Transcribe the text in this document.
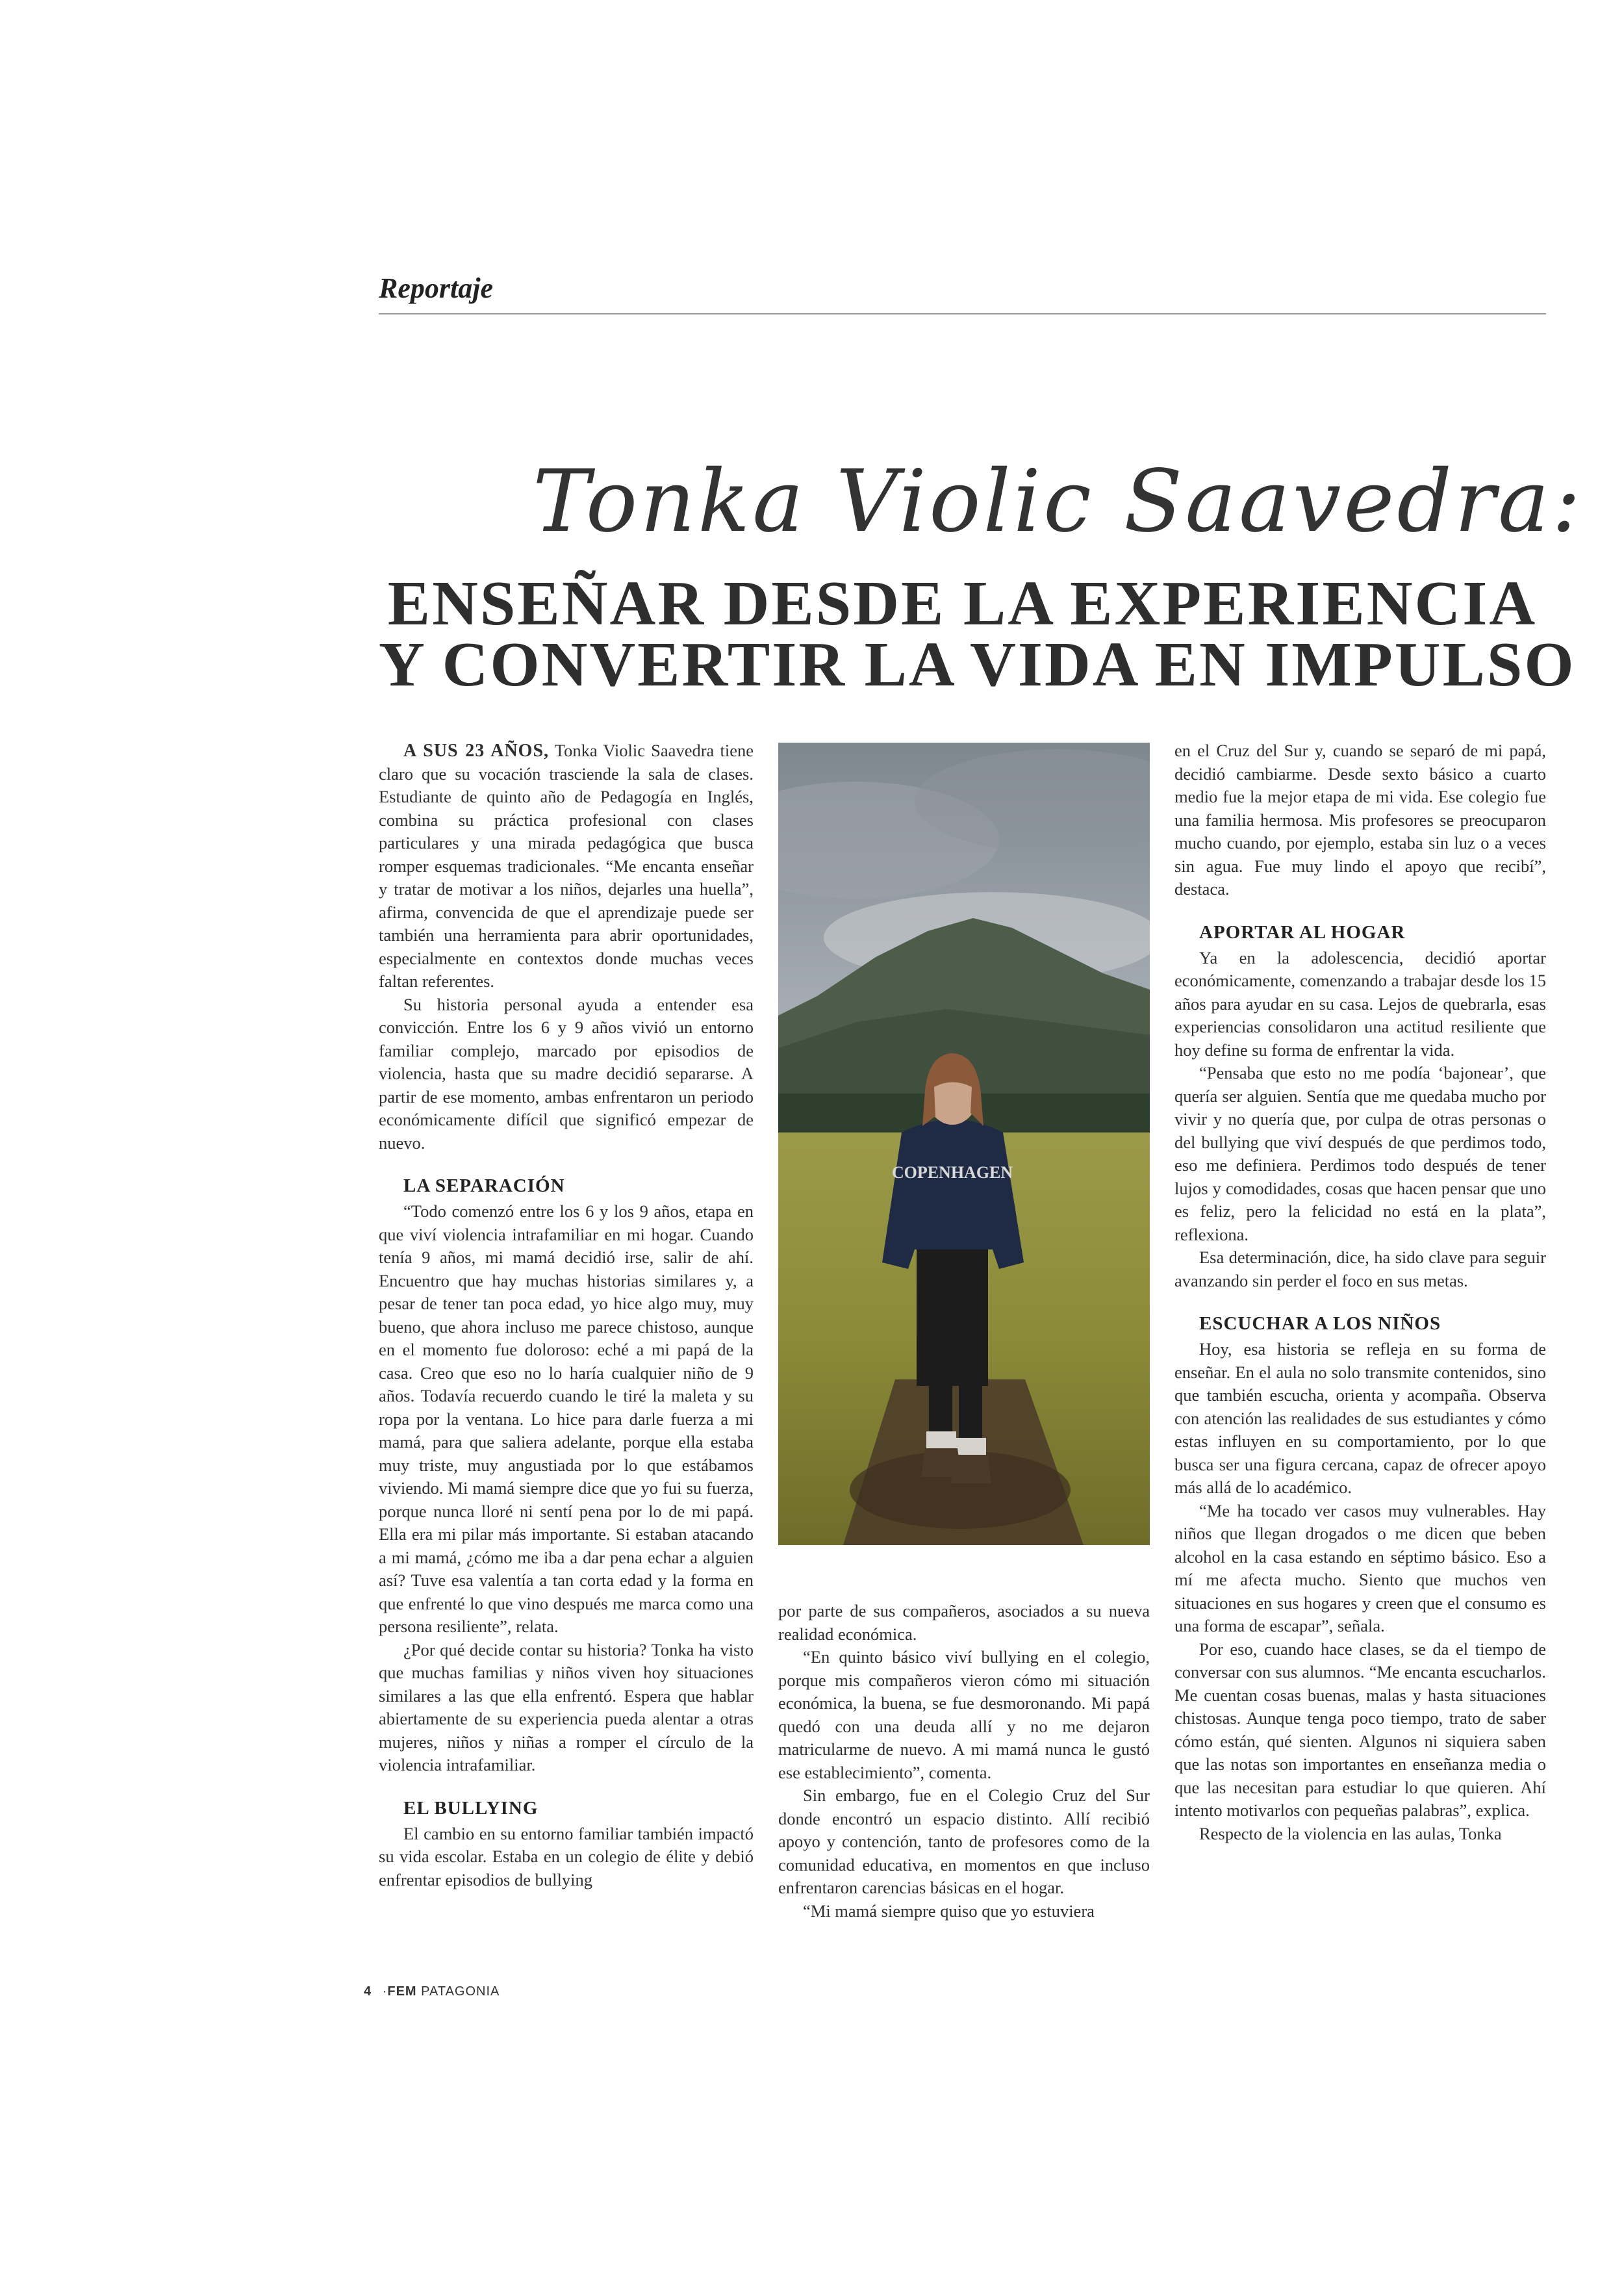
Reportaje
Tonka Violic Saavedra:
ENSEÑAR DESDE LA EXPERIENCIA
Y CONVERTIR LA VIDA EN IMPULSO

A SUS 23 AÑOS, Tonka Violic Saavedra tiene claro que su vocación trasciende la sala de clases. Estudiante de quinto año de Pedagogía en Inglés, combina su práctica profesional con clases particulares y una mirada pedagógica que busca romper esquemas tradicionales. “Me encanta enseñar y tratar de motivar a los niños, dejarles una huella”, afirma, convencida de que el aprendizaje puede ser también una herramienta para abrir oportunidades, especialmente en contextos donde muchas veces faltan referentes.

Su historia personal ayuda a entender esa convicción. Entre los 6 y 9 años vivió un entorno familiar complejo, marcado por episodios de violencia, hasta que su madre decidió separarse. A partir de ese momento, ambas enfrentaron un periodo económicamente difícil que significó empezar de nuevo.

LA SEPARACIÓN

“Todo comenzó entre los 6 y los 9 años, etapa en que viví violencia intrafamiliar en mi hogar. Cuando tenía 9 años, mi mamá decidió irse, salir de ahí. Encuentro que hay muchas historias similares y, a pesar de tener tan poca edad, yo hice algo muy, muy bueno, que ahora incluso me parece chistoso, aunque en el momento fue doloroso: eché a mi papá de la casa. Creo que eso no lo haría cualquier niño de 9 años. Todavía recuerdo cuando le tiré la maleta y su ropa por la ventana. Lo hice para darle fuerza a mi mamá, para que saliera adelante, porque ella estaba muy triste, muy angustiada por lo que estábamos viviendo. Mi mamá siempre dice que yo fui su fuerza, porque nunca lloré ni sentí pena por lo de mi papá. Ella era mi pilar más importante. Si estaban atacando a mi mamá, ¿cómo me iba a dar pena echar a alguien así? Tuve esa valentía a tan corta edad y la forma en que enfrenté lo que vino después me marca como una persona resiliente”, relata.

¿Por qué decide contar su historia? Tonka ha visto que muchas familias y niños viven hoy situaciones similares a las que ella enfrentó. Espera que hablar abiertamente de su experiencia pueda alentar a otras mujeres, niños y niñas a romper el círculo de la violencia intrafamiliar.

EL BULLYING

El cambio en su entorno familiar también impactó su vida escolar. Estaba en un colegio de élite y debió enfrentar episodios de bullying

COPENHAGEN

por parte de sus compañeros, asociados a su nueva realidad económica.

“En quinto básico viví bullying en el colegio, porque mis compañeros vieron cómo mi situación económica, la buena, se fue desmoronando. Mi papá quedó con una deuda allí y no me dejaron matricularme de nuevo. A mi mamá nunca le gustó ese establecimiento”, comenta.

Sin embargo, fue en el Colegio Cruz del Sur donde encontró un espacio distinto. Allí recibió apoyo y contención, tanto de profesores como de la comunidad educativa, en momentos en que incluso enfrentaron carencias básicas en el hogar.

“Mi mamá siempre quiso que yo estuviera

en el Cruz del Sur y, cuando se separó de mi papá, decidió cambiarme. Desde sexto básico a cuarto medio fue la mejor etapa de mi vida. Ese colegio fue una familia hermosa. Mis profesores se preocuparon mucho cuando, por ejemplo, estaba sin luz o a veces sin agua. Fue muy lindo el apoyo que recibí”, destaca.

APORTAR AL HOGAR

Ya en la adolescencia, decidió aportar económicamente, comenzando a trabajar desde los 15 años para ayudar en su casa. Lejos de quebrarla, esas experiencias consolidaron una actitud resiliente que hoy define su forma de enfrentar la vida.

“Pensaba que esto no me podía ‘bajonear’, que quería ser alguien. Sentía que me quedaba mucho por vivir y no quería que, por culpa de otras personas o del bullying que viví después de que perdimos todo, eso me definiera. Perdimos todo después de tener lujos y comodidades, cosas que hacen pensar que uno es feliz, pero la felicidad no está en la plata”, reflexiona.

Esa determinación, dice, ha sido clave para seguir avanzando sin perder el foco en sus metas.

ESCUCHAR A LOS NIÑOS

Hoy, esa historia se refleja en su forma de enseñar. En el aula no solo transmite contenidos, sino que también escucha, orienta y acompaña. Observa con atención las realidades de sus estudiantes y cómo estas influyen en su comportamiento, por lo que busca ser una figura cercana, capaz de ofrecer apoyo más allá de lo académico.

“Me ha tocado ver casos muy vulnerables. Hay niños que llegan drogados o me dicen que beben alcohol en la casa estando en séptimo básico. Eso a mí me afecta mucho. Siento que muchos ven situaciones en sus hogares y creen que el consumo es una forma de escapar”, señala.

Por eso, cuando hace clases, se da el tiempo de conversar con sus alumnos. “Me encanta escucharlos. Me cuentan cosas buenas, malas y hasta situaciones chistosas. Aunque tenga poco tiempo, trato de saber cómo están, qué sienten. Algunos ni siquiera saben que las notas son importantes en enseñanza media o que las necesitan para estudiar lo que quieren. Ahí intento motivarlos con pequeñas palabras”, explica.

Respecto de la violencia en las aulas, Tonka

4 ·FEM PATAGONIA
